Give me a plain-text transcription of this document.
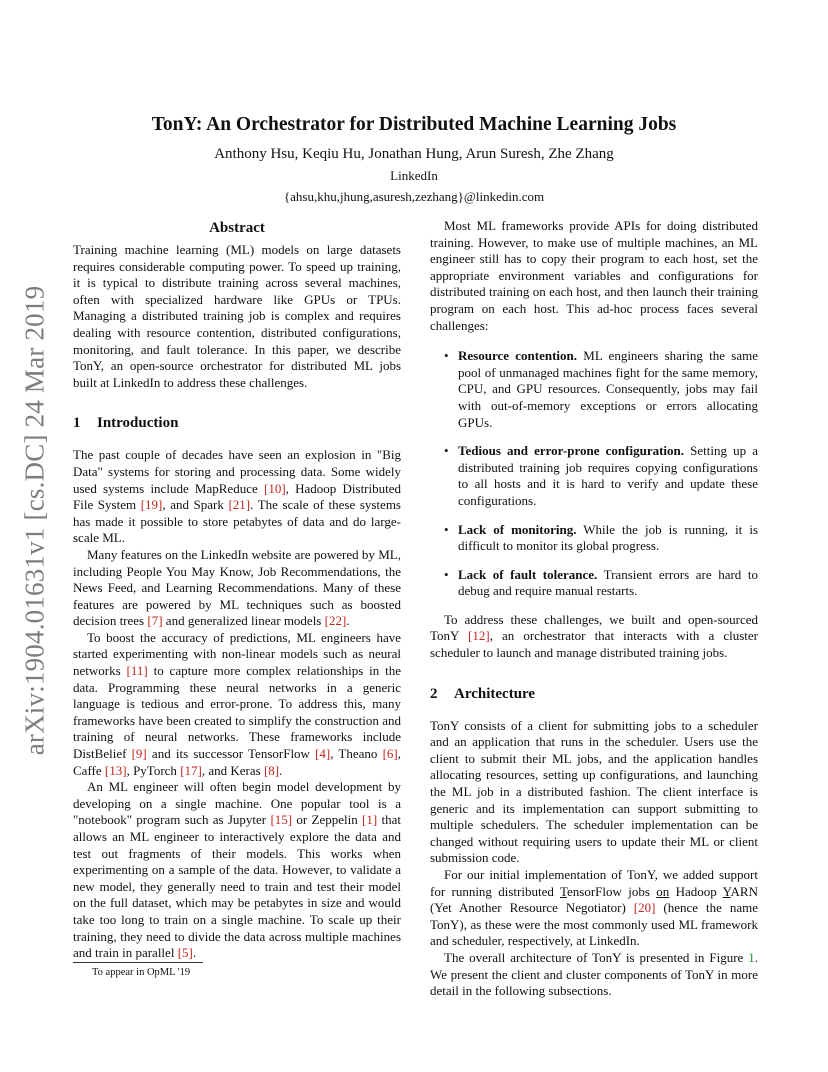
arXiv:1904.01631v1 [cs.DC] 24 Mar 2019
TonY: An Orchestrator for Distributed Machine Learning Jobs
Anthony Hsu, Keqiu Hu, Jonathan Hung, Arun Suresh, Zhe Zhang
LinkedIn
{ahsu,khu,jhung,asuresh,zezhang}@linkedin.com
Abstract

Training machine learning (ML) models on large datasets requires considerable computing power. To speed up training, it is typical to distribute training across several machines, often with specialized hardware like GPUs or TPUs. Managing a distributed training job is complex and requires dealing with resource contention, distributed configurations, monitoring, and fault tolerance. In this paper, we describe TonY, an open-source orchestrator for distributed ML jobs built at LinkedIn to address these challenges.

1 Introduction

The past couple of decades have seen an explosion in "Big Data" systems for storing and processing data. Some widely used systems include MapReduce [10], Hadoop Distributed File System [19], and Spark [21]. The scale of these systems has made it possible to store petabytes of data and do large-scale ML.

Many features on the LinkedIn website are powered by ML, including People You May Know, Job Recommendations, the News Feed, and Learning Recommendations. Many of these features are powered by ML techniques such as boosted decision trees [7] and generalized linear models [22].

To boost the accuracy of predictions, ML engineers have started experimenting with non-linear models such as neural networks [11] to capture more complex relationships in the data. Programming these neural networks in a generic language is tedious and error-prone. To address this, many frameworks have been created to simplify the construction and training of neural networks. These frameworks include DistBelief [9] and its successor TensorFlow [4], Theano [6], Caffe [13], PyTorch [17], and Keras [8].

An ML engineer will often begin model development by developing on a single machine. One popular tool is a "notebook" program such as Jupyter [15] or Zeppelin [1] that allows an ML engineer to interactively explore the data and test out fragments of their models. This works when experimenting on a sample of the data. However, to validate a new model, they generally need to train and test their model on the full dataset, which may be petabytes in size and would take too long to train on a single machine. To scale up their training, they need to divide the data across multiple machines and train in parallel [5].

Most ML frameworks provide APIs for doing distributed training. However, to make use of multiple machines, an ML engineer still has to copy their program to each host, set the appropriate environment variables and configurations for distributed training on each host, and then launch their training program on each host. This ad-hoc process faces several challenges:

• Resource contention. ML engineers sharing the same pool of unmanaged machines fight for the same memory, CPU, and GPU resources. Consequently, jobs may fail with out-of-memory exceptions or errors allocating GPUs.
• Tedious and error-prone configuration. Setting up a distributed training job requires copying configurations to all hosts and it is hard to verify and update these configurations.
• Lack of monitoring. While the job is running, it is difficult to monitor its global progress.
• Lack of fault tolerance. Transient errors are hard to debug and require manual restarts.

To address these challenges, we built and open-sourced TonY [12], an orchestrator that interacts with a cluster scheduler to launch and manage distributed training jobs.

2 Architecture

TonY consists of a client for submitting jobs to a scheduler and an application that runs in the scheduler. Users use the client to submit their ML jobs, and the application handles allocating resources, setting up configurations, and launching the ML job in a distributed fashion. The client interface is generic and its implementation can support submitting to multiple schedulers. The scheduler implementation can be changed without requiring users to update their ML or client submission code.

For our initial implementation of TonY, we added support for running distributed TensorFlow jobs on Hadoop YARN (Yet Another Resource Negotiator) [20] (hence the name TonY), as these were the most commonly used ML framework and scheduler, respectively, at LinkedIn.

The overall architecture of TonY is presented in Figure 1. We present the client and cluster components of TonY in more detail in the following subsections.

To appear in OpML '19
